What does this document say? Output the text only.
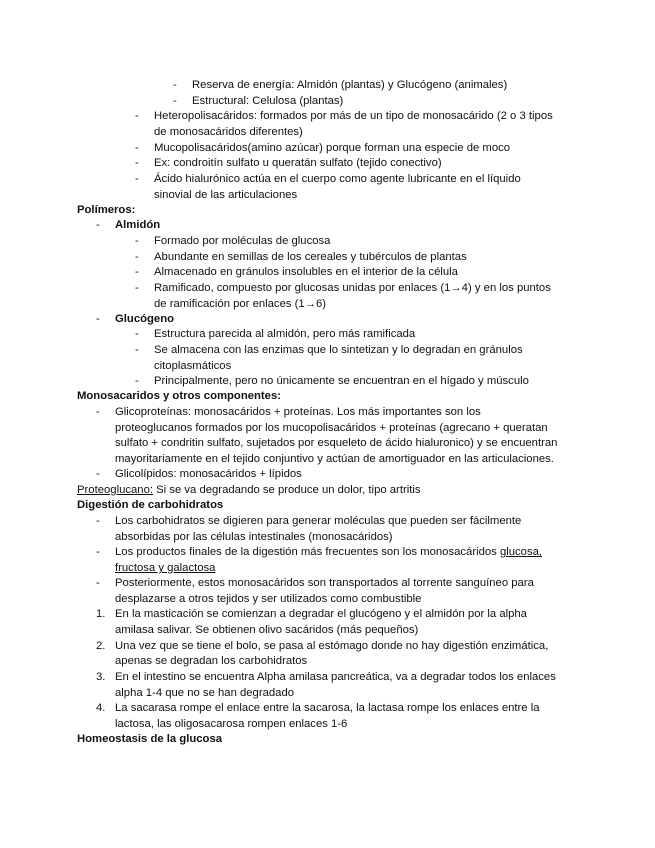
- Reserva de energía: Almidón (plantas) y Glucógeno (animales)
- Estructural: Celulosa (plantas)
- Heteropolisacáridos: formados por más de un tipo de monosacárido (2 o 3 tipos
de monosacáridos diferentes)
- Mucopolisacáridos(amino azúcar) porque forman una especie de moco
- Ex: condroitín sulfato u queratán sulfato (tejido conectivo)
- Ácido hialurónico actúa en el cuerpo como agente lubricante en el líquido
sinovial de las articulaciones
Polímeros:
- Almidón
- Formado por moléculas de glucosa
- Abundante en semillas de los cereales y tubérculos de plantas
- Almacenado en gránulos insolubles en el interior de la célula
- Ramificado, compuesto por glucosas unidas por enlaces (1→4) y en los puntos
de ramificación por enlaces (1→6)
- Glucógeno
- Estructura parecida al almidón, pero más ramificada
- Se almacena con las enzimas que lo sintetizan y lo degradan en gránulos
citoplasmáticos
- Principalmente, pero no únicamente se encuentran en el hígado y músculo
Monosacaridos y otros componentes:
- Glicoproteínas: monosacáridos + proteínas. Los más importantes son los
proteoglucanos formados por los mucopolisacáridos + proteínas (agrecano + queratan
sulfato + condritin sulfato, sujetados por esqueleto de ácido hialuronico) y se encuentran
mayoritariamente en el tejido conjuntivo y actúan de amortiguador en las articulaciones.
- Glicolípidos: monosacáridos + lípidos
Proteoglucano: Si se va degradando se produce un dolor, tipo artritis
Digestión de carbohidratos
- Los carbohidratos se digieren para generar moléculas que pueden ser fácilmente
absorbidas por las células intestinales (monosacáridos)
- Los productos finales de la digestión más frecuentes son los monosacáridos glucosa,
fructosa y galactosa
- Posteriormente, estos monosacáridos son transportados al torrente sanguíneo para
desplazarse a otros tejidos y ser utilizados como combustible
1. En la masticación se comienzan a degradar el glucógeno y el almidón por la alpha
amilasa salivar. Se obtienen olivo sacáridos (más pequeños)
2. Una vez que se tiene el bolo, se pasa al estómago donde no hay digestión enzimática,
apenas se degradan los carbohidratos
3. En el intestino se encuentra Alpha amilasa pancreática, va a degradar todos los enlaces
alpha 1-4 que no se han degradado
4. La sacarasa rompe el enlace entre la sacarosa, la lactasa rompe los enlaces entre la
lactosa, las oligosacarosa rompen enlaces 1-6
Homeostasis de la glucosa
